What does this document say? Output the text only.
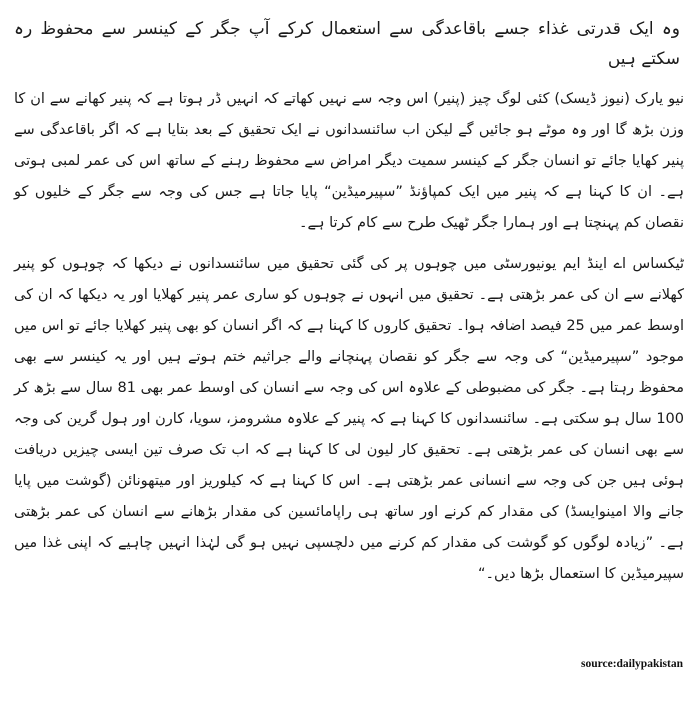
وہ ایک قدرتی غذاء جسے باقاعدگی سے استعمال کرکے آپ جگر کے کینسر سے محفوظ رہ سکتے ہیں

نیو یارک (نیوز ڈیسک) کئی لوگ چیز (پنیر) اس وجہ سے نہیں کھاتے کہ انہیں ڈر ہوتا ہے کہ پنیر کھانے سے ان کا وزن بڑھ گا اور وہ موٹے ہو جائیں گے لیکن اب سائنسدانوں نے ایک تحقیق کے بعد بتایا ہے کہ اگر باقاعدگی سے پنیر کھایا جائے تو انسان جگر کے کینسر سمیت دیگر امراض سے محفوظ رہنے کے ساتھ اس کی عمر لمبی ہوتی ہے۔ ان کا کہنا ہے کہ پنیر میں ایک کمپاؤنڈ ”سپیرمیڈین“ پایا جاتا ہے جس کی وجہ سے جگر کے خلیوں کو نقصان کم پہنچتا ہے اور ہمارا جگر ٹھیک طرح سے کام کرتا ہے۔

ٹیکساس اے اینڈ ایم یونیورسٹی میں چوہوں پر کی گئی تحقیق میں سائنسدانوں نے دیکھا کہ چوہوں کو پنیر کھلانے سے ان کی عمر بڑھتی ہے۔ تحقیق میں انہوں نے چوہوں کو ساری عمر پنیر کھلایا اور یہ دیکھا کہ ان کی اوسط عمر میں 25 فیصد اضافہ ہوا۔ تحقیق کاروں کا کہنا ہے کہ اگر انسان کو بھی پنیر کھلایا جائے تو اس میں موجود ”سپیرمیڈین“ کی وجہ سے جگر کو نقصان پہنچانے والے جراثیم ختم ہوتے ہیں اور یہ کینسر سے بھی محفوظ رہتا ہے۔ جگر کی مضبوطی کے علاوہ اس کی وجہ سے انسان کی اوسط عمر بھی 81 سال سے بڑھ کر 100 سال ہو سکتی ہے۔ سائنسدانوں کا کہنا ہے کہ پنیر کے علاوہ مشرومز، سویا، کارن اور ہول گرین کی وجہ سے بھی انسان کی عمر بڑھتی ہے۔ تحقیق کار لیون لی کا کہنا ہے کہ اب تک صرف تین ایسی چیزیں دریافت ہوئی ہیں جن کی وجہ سے انسانی عمر بڑھتی ہے۔ اس کا کہنا ہے کہ کیلوریز اور میتھونائن (گوشت میں پایا جانے والا امینوایسڈ) کی مقدار کم کرنے اور ساتھ ہی راپامائسین کی مقدار بڑھانے سے انسان کی عمر بڑھتی ہے۔ ”زیادہ لوگوں کو گوشت کی مقدار کم کرنے میں دلچسپی نہیں ہو گی لہٰذا انہیں چاہیے کہ اپنی غذا میں سپیرمیڈین کا استعمال بڑھا دیں۔“

source:dailypakistan
